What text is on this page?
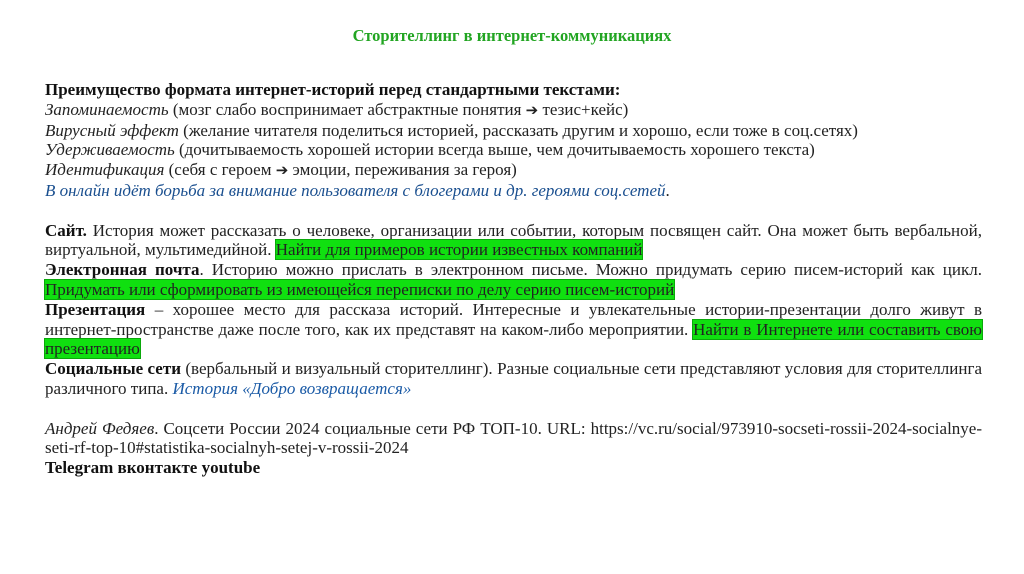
Сторителлинг в интернет-коммуникациях

Преимущество формата интернет-историй перед стандартными текстами:

Запоминаемость (мозг слабо воспринимает абстрактные понятия ➔ тезис+кейс)

Вирусный эффект (желание читателя поделиться историей, рассказать другим и хорошо, если тоже в соц.сетях)

Удерживаемость (дочитываемость хорошей истории всегда выше, чем дочитываемость хорошего текста)

Идентификация (себя с героем ➔ эмоции, переживания за героя)

В онлайн идёт борьба за внимание пользователя с блогерами и др. героями соц.сетей.

Сайт. История может рассказать о человеке, организации или событии, которым посвящен сайт. Она может быть вербальной, виртуальной, мультимедийной. Найти для примеров истории известных компаний

Электронная почта. Историю можно прислать в электронном письме. Можно придумать серию писем-историй как цикл. Придумать или сформировать из имеющейся переписки по делу серию писем-историй

Презентация – хорошее место для рассказа историй. Интересные и увлекательные истории-презентации долго живут в интернет-пространстве даже после того, как их представят на каком-либо мероприятии. Найти в Интернете или составить свою презентацию

Социальные сети (вербальный и визуальный сторителлинг). Разные социальные сети представляют условия для сторителлинга различного типа. История «Добро возвращается»

Андрей Федяев. Соцсети России 2024 социальные сети РФ ТОП-10. URL: https://vc.ru/social/973910-socseti-rossii-2024-socialnye-seti-rf-top-10#statistika-socialnyh-setej-v-rossii-2024

Telegram вконтакте youtube
